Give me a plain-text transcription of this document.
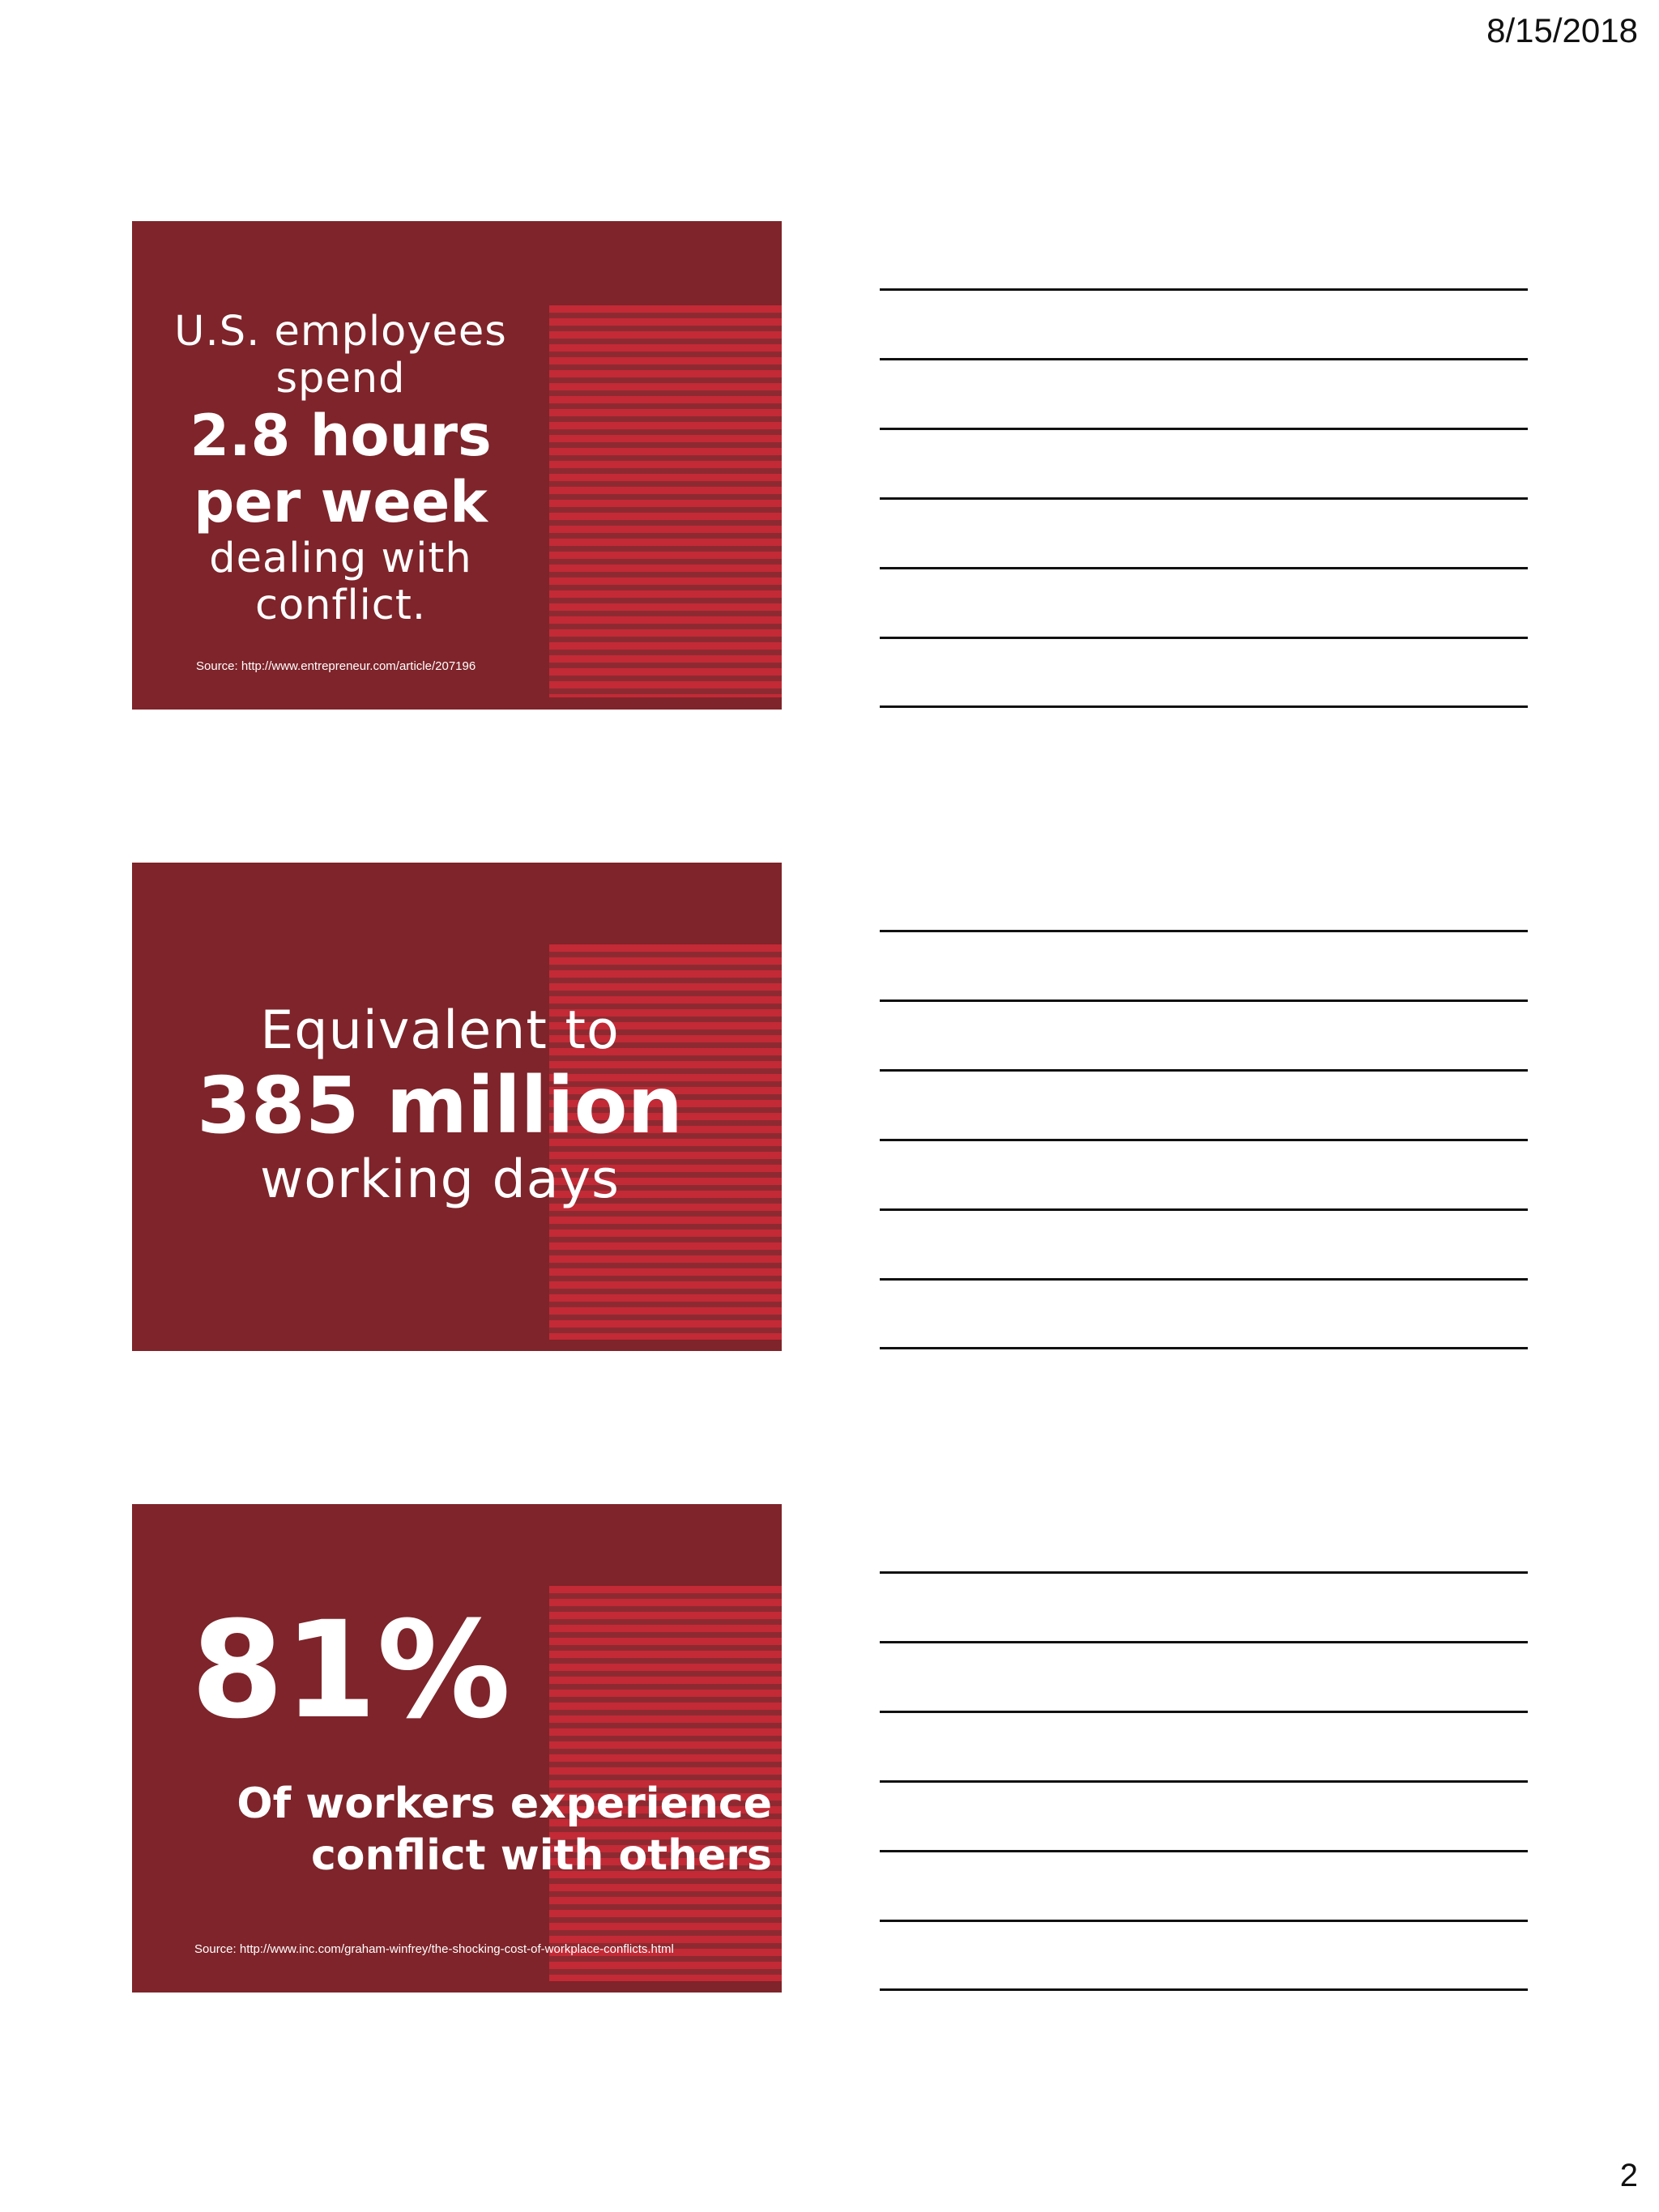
8/15/2018
U.S. employees
spend
2.8 hours
per week
dealing with
conflict.
Source: http://www.entrepreneur.com/article/207196
Equivalent to
385 million
working days
81%
Of workers experience
conflict with others
Source: http://www.inc.com/graham-winfrey/the-shocking-cost-of-workplace-conflicts.html
2
